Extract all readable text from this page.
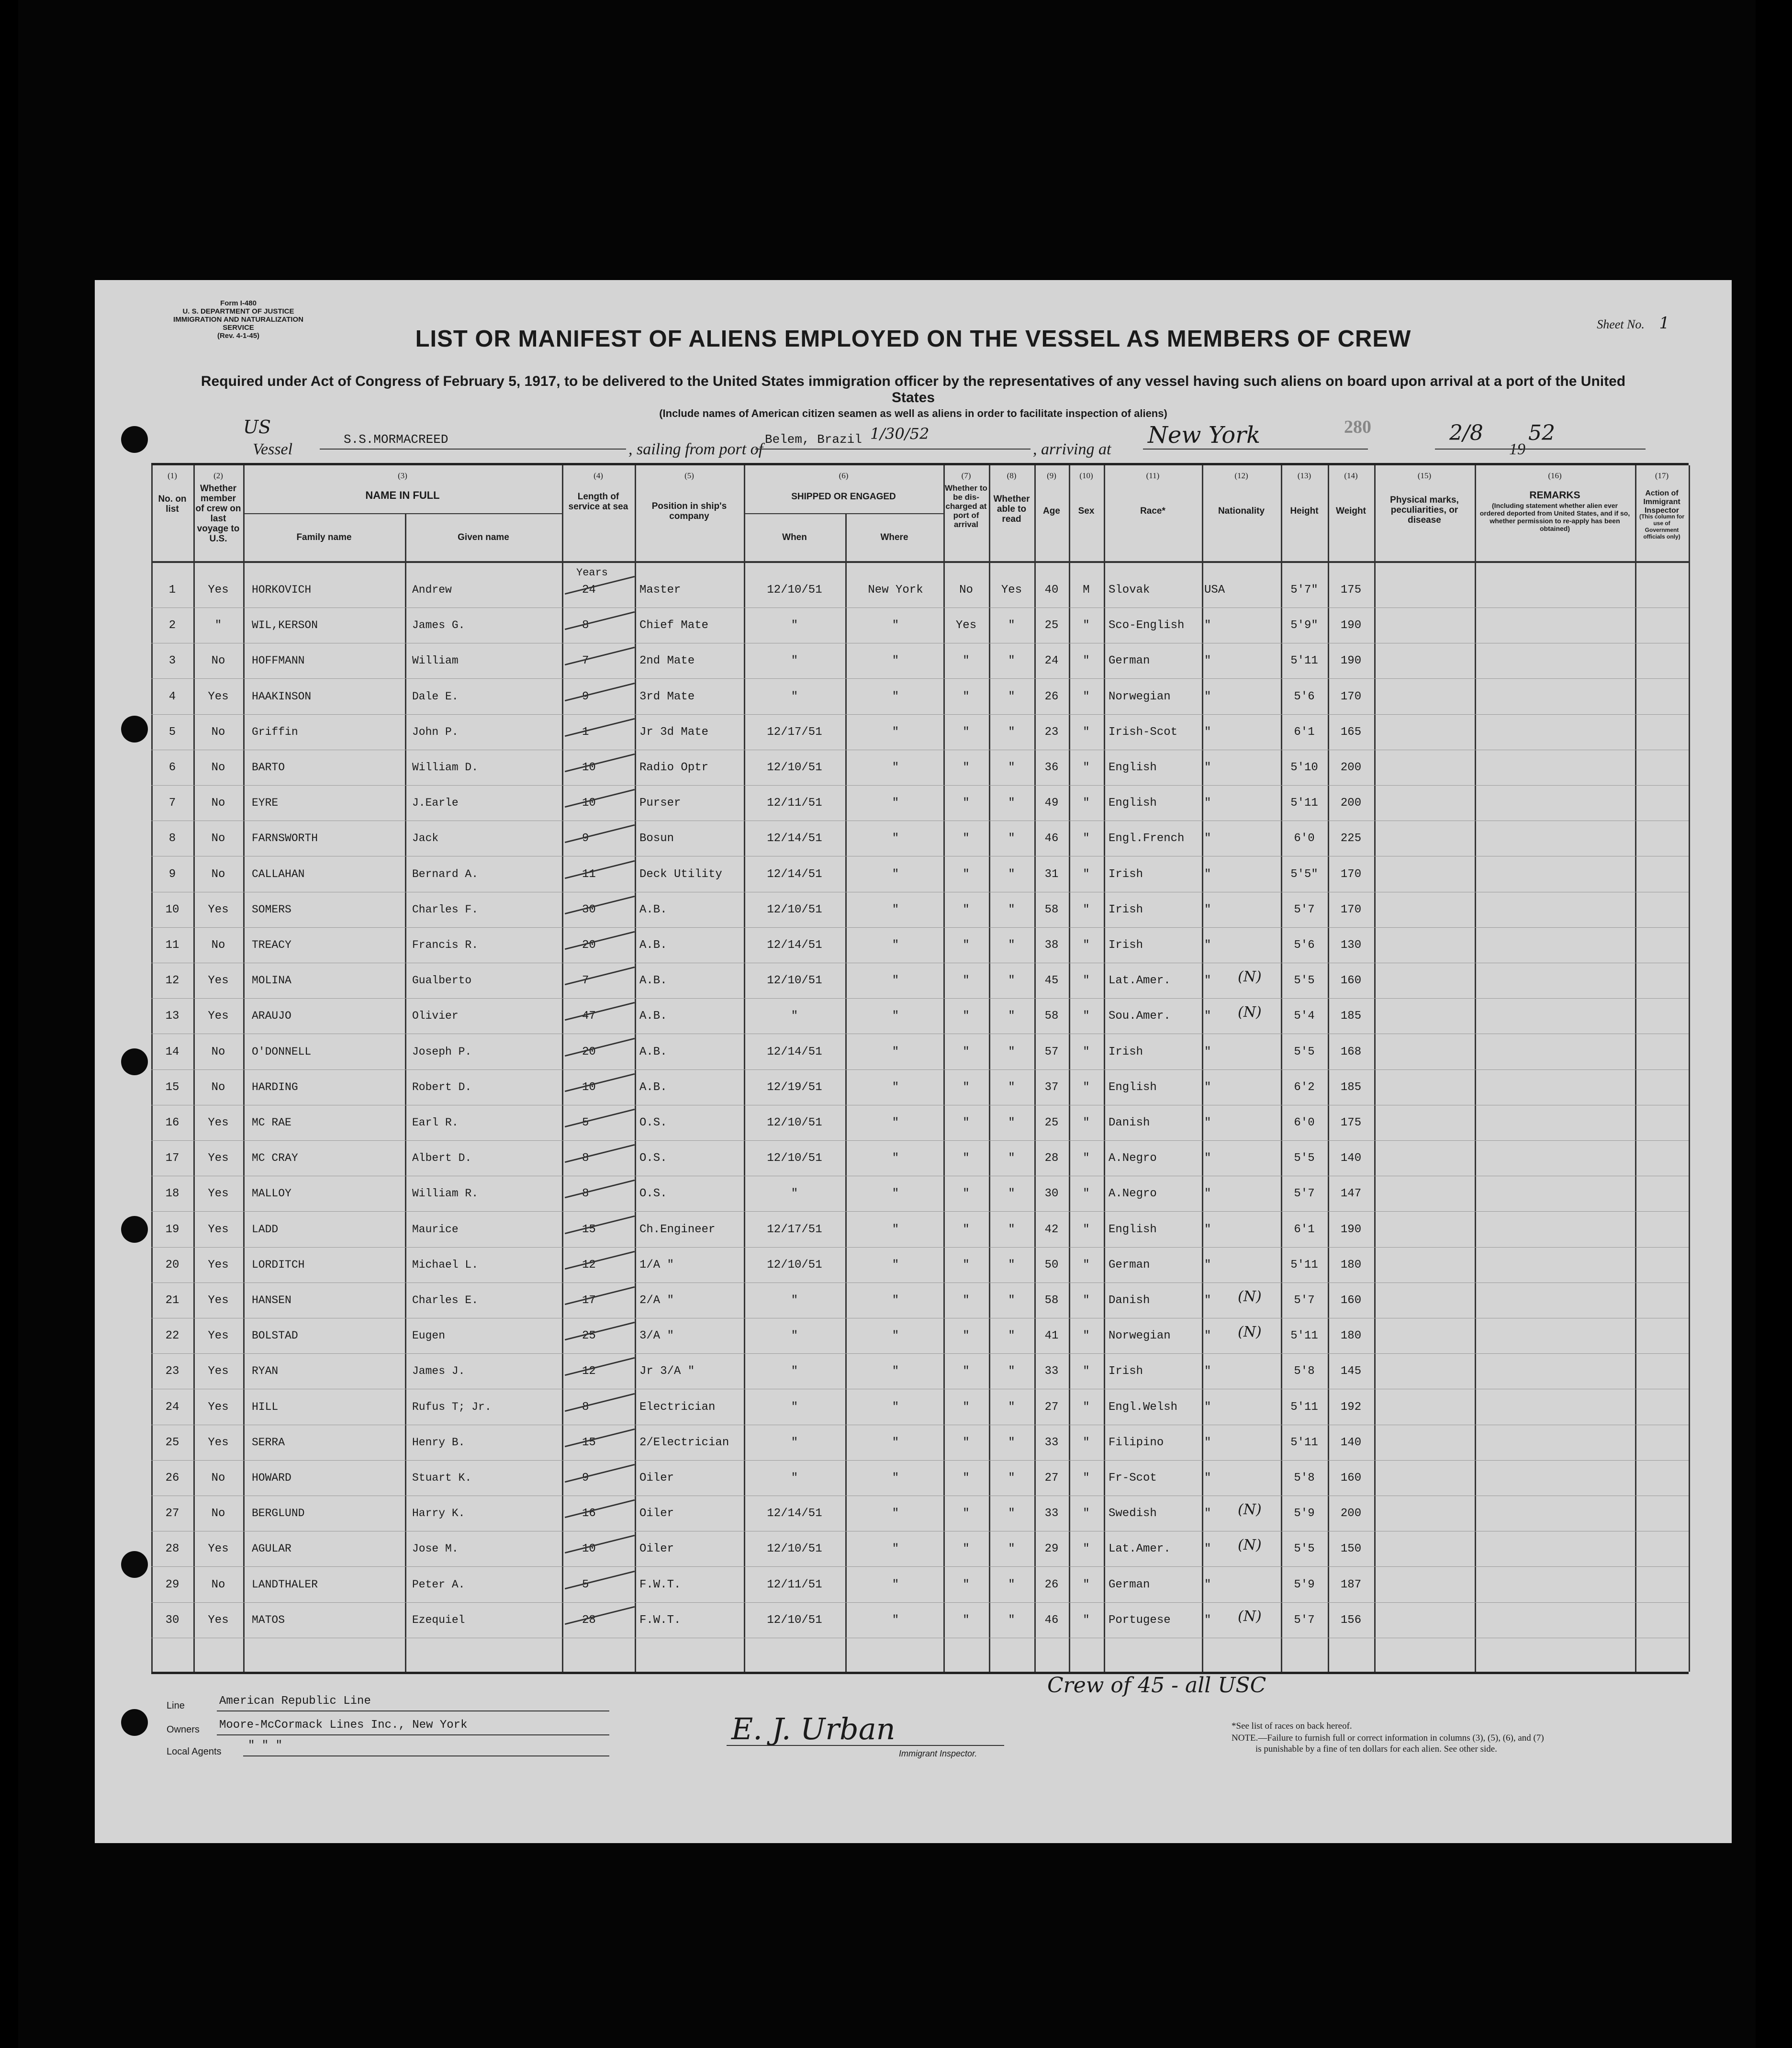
Form I-480
U. S. DEPARTMENT OF JUSTICE
IMMIGRATION AND NATURALIZATION SERVICE
(Rev. 4-1-45)
Sheet No. 1
LIST OR MANIFEST OF ALIENS EMPLOYED ON THE VESSEL AS MEMBERS OF CREW
Required under Act of Congress of February 5, 1917, to be delivered to the United States immigration officer by the representatives of any vessel having such aliens on board upon arrival at a port of the United States
(Include names of American citizen seamen as well as aliens in order to facilitate inspection of aliens)
US
Vessel
S.S.MORMACREED
, sailing from port of
Belem, Brazil 1/30/52
, arriving at
New York	280	2/8
19
52
(1)
No. on list
(2)
Whether member of crew on last voyage to U.S.
(3)
NAME IN FULL
Family name	Given name
(4)
Length of service at sea
(5)
Position in ship's company
(6)
SHIPPED OR ENGAGED
When	Where
(7)
Whether to be dis-charged at port of arrival
(8)
Whether able to read
(9)
Age
(10)
Sex
(11)
Race*
(12)
Nationality
(13)
Height
(14)
Weight
(15)
Physical marks, peculiarities, or disease
(16)
REMARKS
(Including statement whether alien ever ordered deported from United States, and if so, whether permission to re-apply has been obtained)
(17)
Action of Immigrant Inspector
(This column for use of Government officials only)
Years
1	Yes	HORKOVICH	Andrew	24	Master	12/10/51	New York	No	Yes	40	M	Slovak	USA	5'7"	175
2	"	WIL,KERSON	James G.	8	Chief Mate	"	"	Yes	"	25	"	Sco-English	"	5'9"	190
3	No	HOFFMANN	William	7	2nd Mate	"	"	"	"	24	"	German	"	5'11	190
4	Yes	HAAKINSON	Dale E.	9	3rd Mate	"	"	"	"	26	"	Norwegian	"	5'6	170
5	No	Griffin	John P.	1	Jr 3d Mate	12/17/51	"	"	"	23	"	Irish-Scot	"	6'1	165
6	No	BARTO	William D.	10	Radio Optr	12/10/51	"	"	"	36	"	English	"	5'10	200
7	No	EYRE	J.Earle	10	Purser	12/11/51	"	"	"	49	"	English	"	5'11	200
8	No	FARNSWORTH	Jack	9	Bosun	12/14/51	"	"	"	46	"	Engl.French	"	6'0	225
9	No	CALLAHAN	Bernard A.	11	Deck Utility	12/14/51	"	"	"	31	"	Irish	"	5'5"	170
10	Yes	SOMERS	Charles F.	30	A.B.	12/10/51	"	"	"	58	"	Irish	"	5'7	170
11	No	TREACY	Francis R.	20	A.B.	12/14/51	"	"	"	38	"	Irish	"	5'6	130
12	Yes	MOLINA	Gualberto	7	A.B.	12/10/51	"	"	"	45	"	Lat.Amer.	"	5'5	160
(N)
13	Yes	ARAUJO	Olivier	47	A.B.	"	"	"	"	58	"	Sou.Amer.	"	5'4	185
(N)
14	No	O'DONNELL	Joseph P.	20	A.B.	12/14/51	"	"	"	57	"	Irish	"	5'5	168
15	No	HARDING	Robert D.	10	A.B.	12/19/51	"	"	"	37	"	English	"	6'2	185
16	Yes	MC RAE	Earl R.	5	O.S.	12/10/51	"	"	"	25	"	Danish	"	6'0	175
17	Yes	MC CRAY	Albert D.	8	O.S.	12/10/51	"	"	"	28	"	A.Negro	"	5'5	140
18	Yes	MALLOY	William R.	8	O.S.	"	"	"	"	30	"	A.Negro	"	5'7	147
19	Yes	LADD	Maurice	15	Ch.Engineer	12/17/51	"	"	"	42	"	English	"	6'1	190
20	Yes	LORDITCH	Michael L.	12	1/A "	12/10/51	"	"	"	50	"	German	"	5'11	180
21	Yes	HANSEN	Charles E.	17	2/A "	"	"	"	"	58	"	Danish	"	5'7	160
(N)
22	Yes	BOLSTAD	Eugen	25	3/A "	"	"	"	"	41	"	Norwegian	"	5'11	180
(N)
23	Yes	RYAN	James J.	12	Jr 3/A "	"	"	"	"	33	"	Irish	"	5'8	145
24	Yes	HILL	Rufus T; Jr.	8	Electrician	"	"	"	"	27	"	Engl.Welsh	"	5'11	192
25	Yes	SERRA	Henry B.	15	2/Electrician	"	"	"	"	33	"	Filipino	"	5'11	140
26	No	HOWARD	Stuart K.	9	Oiler	"	"	"	"	27	"	Fr-Scot	"	5'8	160
27	No	BERGLUND	Harry K.	16	Oiler	12/14/51	"	"	"	33	"	Swedish	"	5'9	200
(N)
28	Yes	AGULAR	Jose M.	10	Oiler	12/10/51	"	"	"	29	"	Lat.Amer.	"	5'5	150
(N)
29	No	LANDTHALER	Peter A.	5	F.W.T.	12/11/51	"	"	"	26	"	German	"	5'9	187
30	Yes	MATOS	Ezequiel	28	F.W.T.	12/10/51	"	"	"	46	"	Portugese	"	5'7	156
(N)
Line	American Republic Line
Owners Moore-McCormack Lines Inc., New York
Local Agents " " "	E. J. Urban
Immigrant Inspector.
Crew of 45 - all USC
*See list of races on back hereof.
NOTE.—Failure to furnish full or correct information in columns (3), (5), (6), and (7)
is punishable by a fine of ten dollars for each alien. See other side.
